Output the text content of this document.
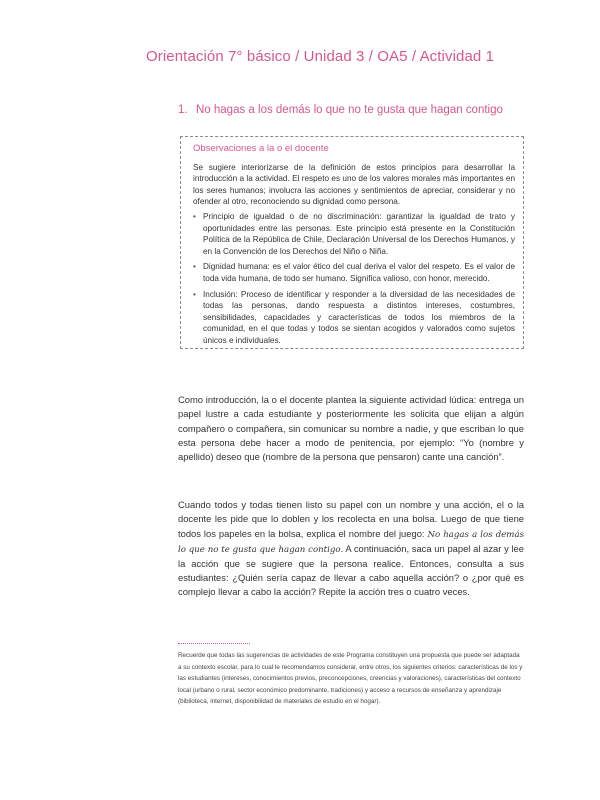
Orientación 7° básico / Unidad 3 / OA5 / Actividad 1
1. No hagas a los demás lo que no te gusta que hagan contigo
Observaciones a la o el docente

Se sugiere interiorizarse de la definición de estos principios para desarrollar la introducción a la actividad. El respeto es uno de los valores morales más importantes en los seres humanos; involucra las acciones y sentimientos de apreciar, considerar y no ofender al otro, reconociendo su dignidad como persona.

• Principio de igualdad o de no discriminación: garantizar la igualdad de trato y oportunidades entre las personas. Este principio está presente en la Constitución Política de la República de Chile, Declaración Universal de los Derechos Humanos, y en la Convención de los Derechos del Niño o Niña.
• Dignidad humana: es el valor ético del cual deriva el valor del respeto. Es el valor de toda vida humana, de todo ser humano. Significa valioso, con honor, merecido.
• Inclusión: Proceso de identificar y responder a la diversidad de las necesidades de todas las personas, dando respuesta a distintos intereses, costumbres, sensibilidades, capacidades y características de todos los miembros de la comunidad, en el que todas y todos se sientan acogidos y valorados como sujetos únicos e individuales.

Como introducción, la o el docente plantea la siguiente actividad lúdica: entrega un papel lustre a cada estudiante y posteriormente les solicita que elijan a algún compañero o compañera, sin comunicar su nombre a nadie, y que escriban lo que esta persona debe hacer a modo de penitencia, por ejemplo: “Yo (nombre y apellido) deseo que (nombre de la persona que pensaron) cante una canción”.

Cuando todos y todas tienen listo su papel con un nombre y una acción, el o la docente les pide que lo doblen y los recolecta en una bolsa. Luego de que tiene todos los papeles en la bolsa, explica el nombre del juego: No hagas a los demás lo que no te gusta que hagan contigo. A continuación, saca un papel al azar y lee la acción que se sugiere que la persona realice. Entonces, consulta a sus estudiantes: ¿Quién sería capaz de llevar a cabo aquella acción? o ¿por qué es complejo llevar a cabo la acción? Repite la acción tres o cuatro veces.

Recuerde que todas las sugerencias de actividades de este Programa constituyen una propuesta que puede ser adaptada a su contexto escolar, para lo cual le recomendamos considerar, entre otros, los siguientes criterios: características de los y las estudiantes (intereses, conocimientos previos, preconcepciones, creencias y valoraciones), características del contexto local (urbano o rural, sector económico predominante, tradiciones) y acceso a recursos de enseñanza y aprendizaje (biblioteca, internet, disponibilidad de materiales de estudio en el hogar).
